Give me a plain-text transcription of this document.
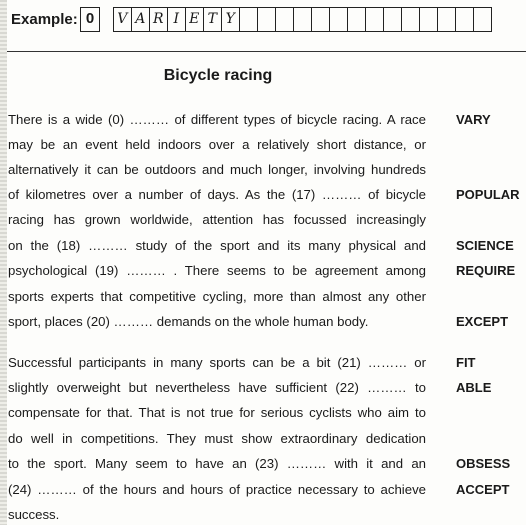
Example: 0	V A R I E T Y
Bicycle racing
There is a wide (0) ……… of different types of bicycle racing. A race
may be an event held indoors over a relatively short distance, or
alternatively it can be outdoors and much longer, involving hundreds
of kilometres over a number of days. As the (17) ……… of bicycle
racing has grown worldwide, attention has focussed increasingly
on the (18) ……… study of the sport and its many physical and
psychological (19) ……… . There seems to be agreement among
sports experts that competitive cycling, more than almost any other
sport, places (20) ……… demands on the whole human body.
Successful participants in many sports can be a bit (21) ……… or
slightly overweight but nevertheless have sufficient (22) ……… to
compensate for that. That is not true for serious cyclists who aim to
do well in competitions. They must show extraordinary dedication
to the sport. Many seem to have an (23) ……… with it and an
(24) ……… of the hours and hours of practice necessary to achieve
success.
VARY
POPULAR
SCIENCE
REQUIRE
EXCEPT
FIT
ABLE
OBSESS
ACCEPT
